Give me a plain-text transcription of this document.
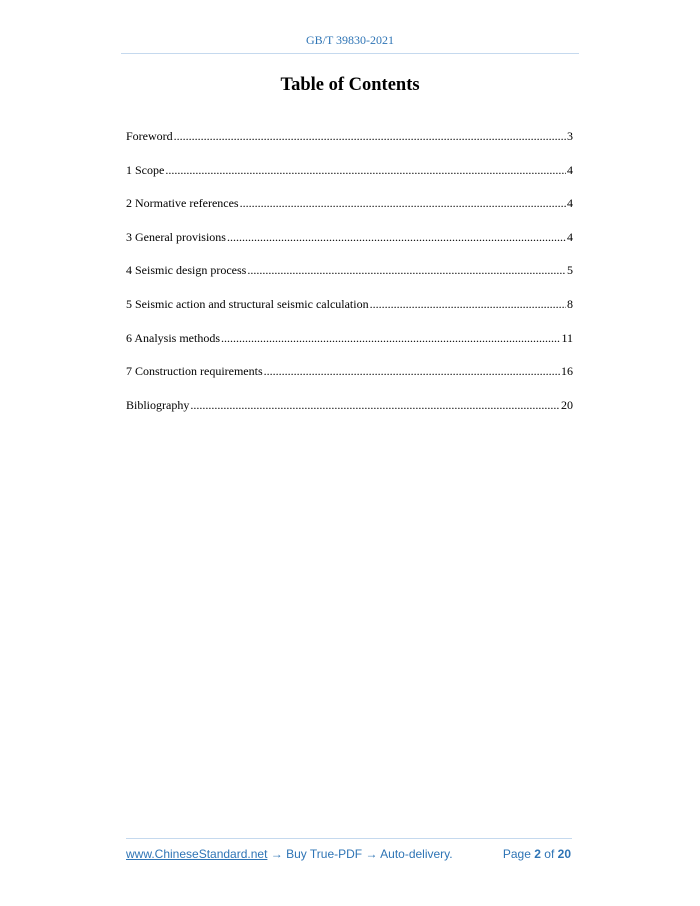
GB/T 39830-2021
Table of Contents
Foreword .....	3
1 Scope .....	4
2 Normative references .....	4
3 General provisions .....	4
4 Seismic design process .....	5
5 Seismic action and structural seismic calculation .....	8
6 Analysis methods .....	11
7 Construction requirements .....	16
Bibliography .....	20
www.ChineseStandard.net → Buy True-PDF → Auto-delivery.	Page 2 of 20
